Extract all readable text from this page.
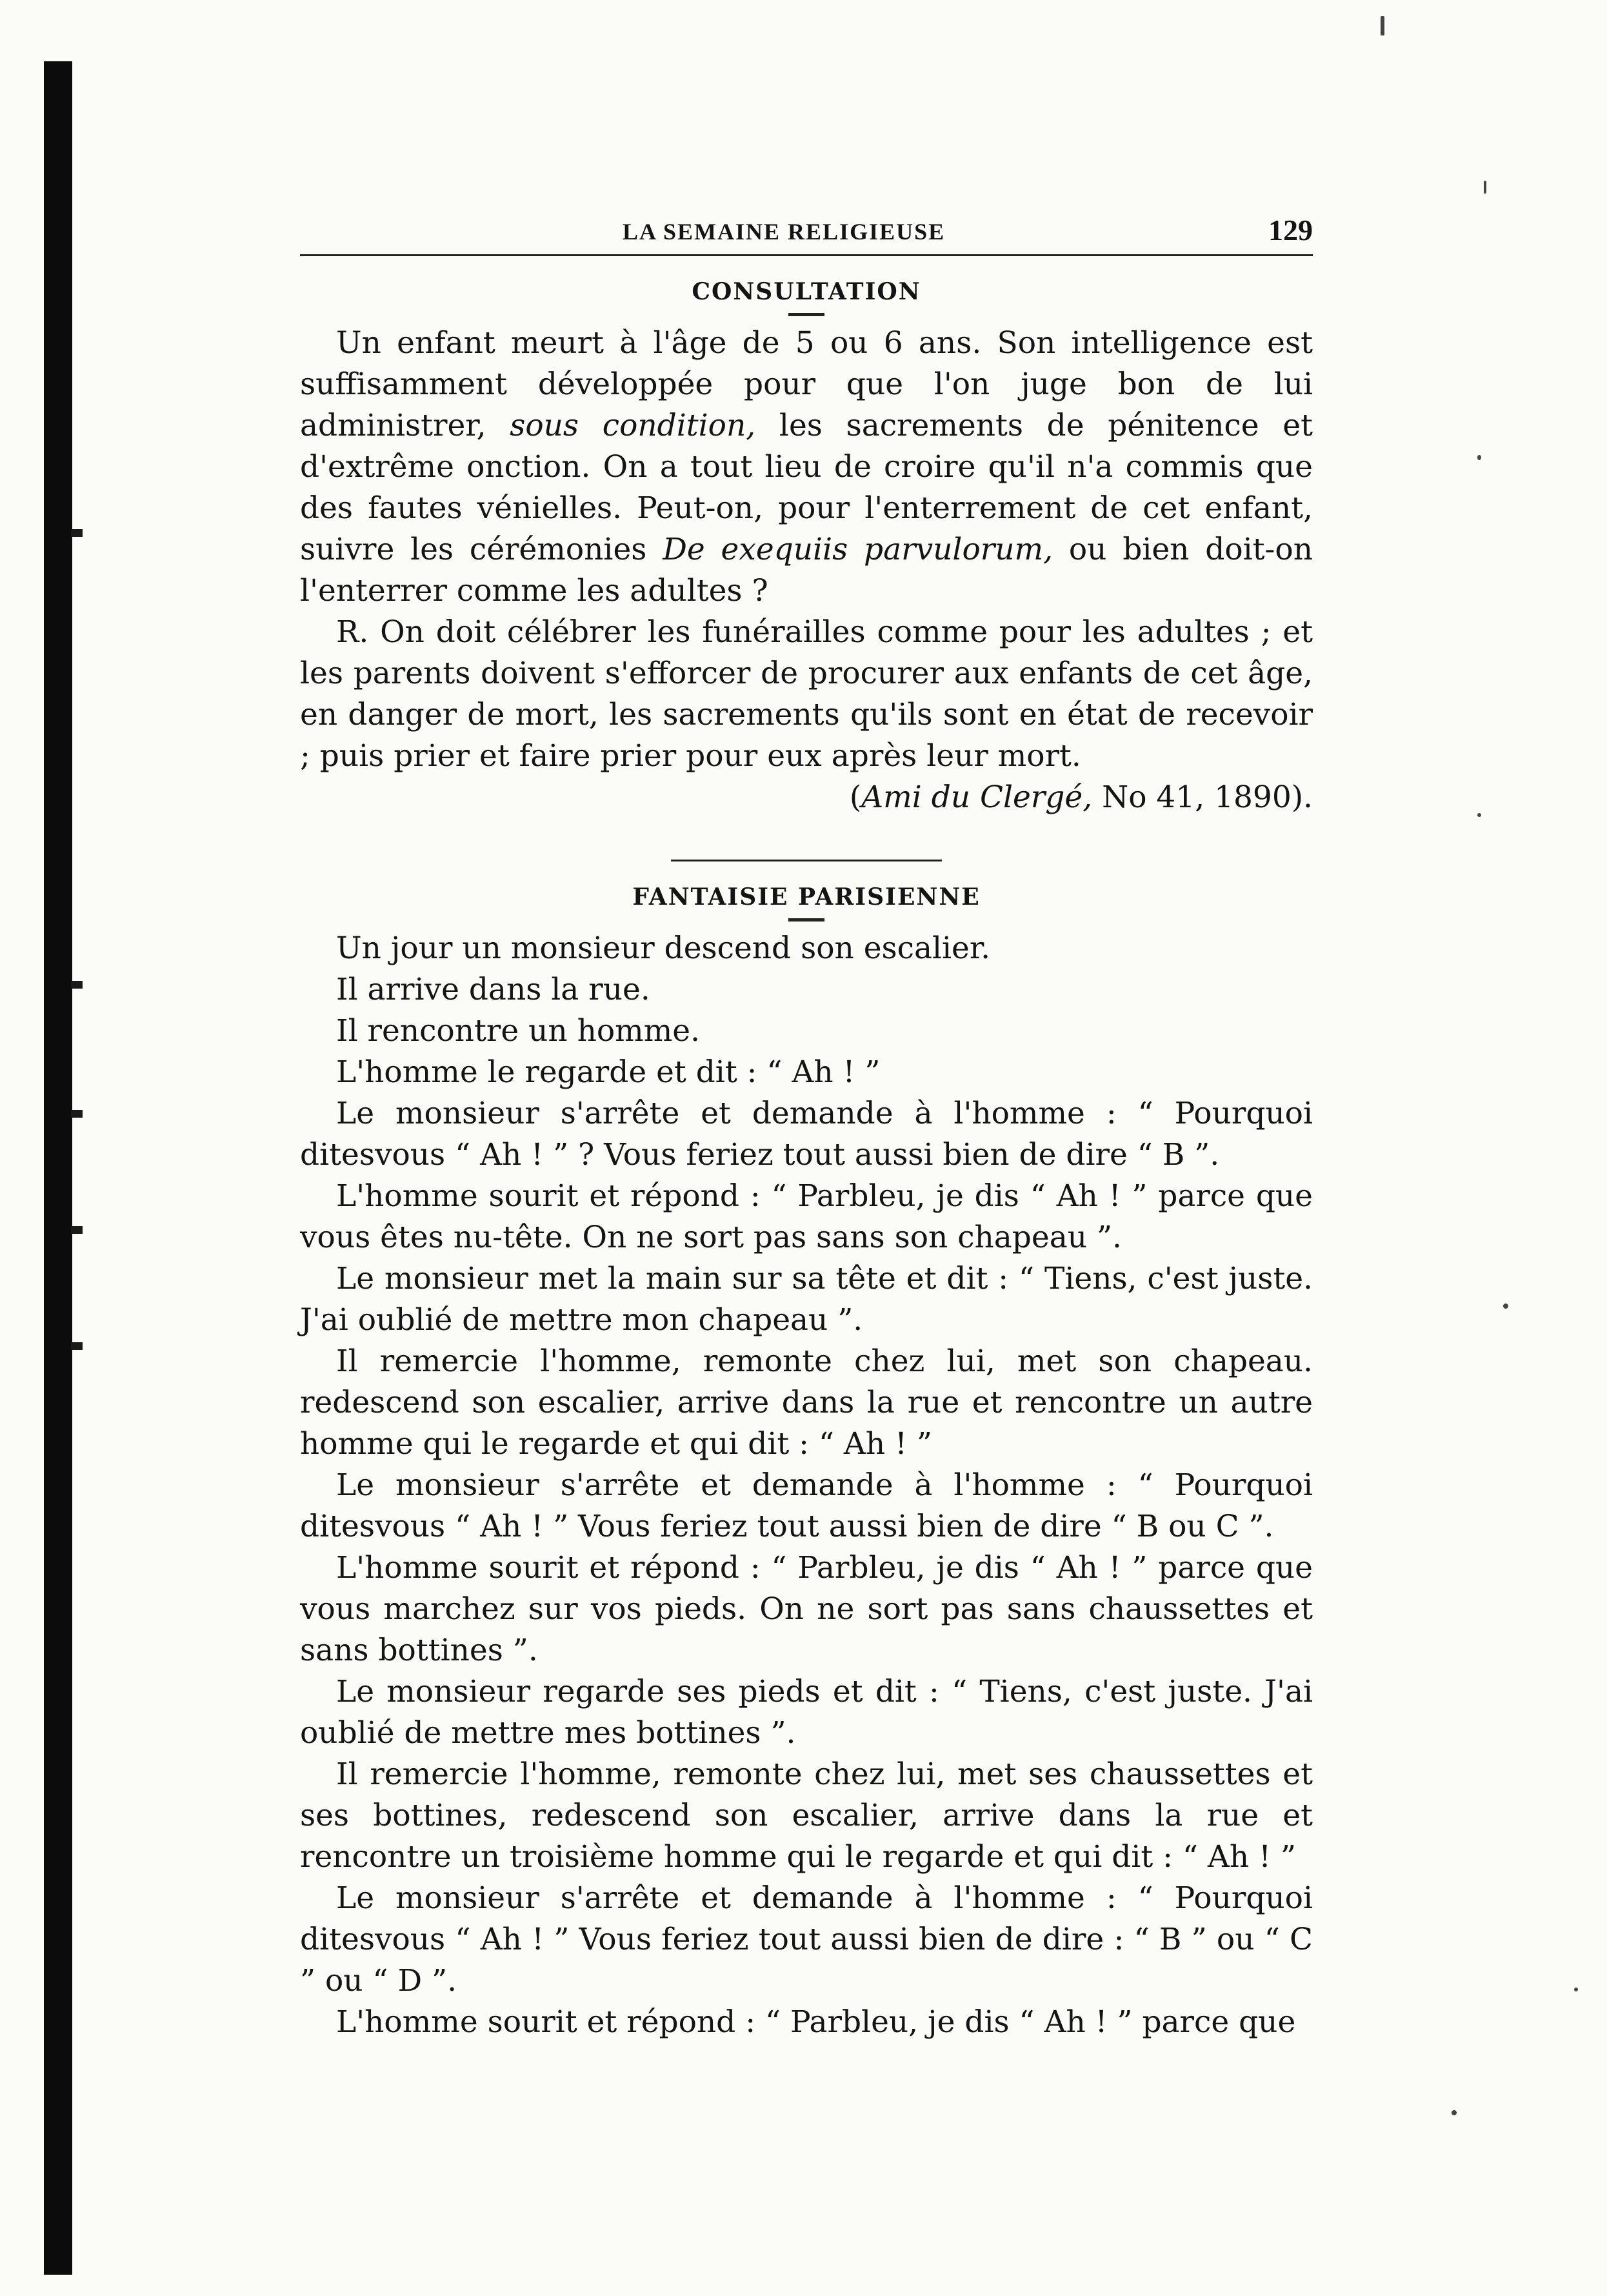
LA SEMAINE RELIGIEUSE	129
CONSULTATION

Un enfant meurt à l'âge de 5 ou 6 ans. Son intelligence est suffisamment développée pour que l'on juge bon de lui administrer, sous condition, les sacrements de pénitence et d'extrême onction. On a tout lieu de croire qu'il n'a commis que des fautes vénielles. Peut-on, pour l'enterrement de cet enfant, suivre les cérémonies De exequiis parvulorum, ou bien doit-on l'enterrer comme les adultes ?

R. On doit célébrer les funérailles comme pour les adultes ; et les parents doivent s'efforcer de procurer aux enfants de cet âge, en danger de mort, les sacrements qu'ils sont en état de recevoir ; puis prier et faire prier pour eux après leur mort.

(Ami du Clergé, No 41, 1890).

FANTAISIE PARISIENNE

Un jour un monsieur descend son escalier.

Il arrive dans la rue.

Il rencontre un homme.

L'homme le regarde et dit : “ Ah ! ”

Le monsieur s'arrête et demande à l'homme : “ Pourquoi ditesvous “ Ah ! ” ? Vous feriez tout aussi bien de dire “ B ”.

L'homme sourit et répond : “ Parbleu, je dis “ Ah ! ” parce que vous êtes nu-tête. On ne sort pas sans son chapeau ”.

Le monsieur met la main sur sa tête et dit : “ Tiens, c'est juste. J'ai oublié de mettre mon chapeau ”.

Il remercie l'homme, remonte chez lui, met son chapeau. redescend son escalier, arrive dans la rue et rencontre un autre homme qui le regarde et qui dit : “ Ah ! ”

Le monsieur s'arrête et demande à l'homme : “ Pourquoi ditesvous “ Ah ! ” Vous feriez tout aussi bien de dire “ B ou C ”.

L'homme sourit et répond : “ Parbleu, je dis “ Ah ! ” parce que vous marchez sur vos pieds. On ne sort pas sans chaussettes et sans bottines ”.

Le monsieur regarde ses pieds et dit : “ Tiens, c'est juste. J'ai oublié de mettre mes bottines ”.

Il remercie l'homme, remonte chez lui, met ses chaussettes et ses bottines, redescend son escalier, arrive dans la rue et rencontre un troisième homme qui le regarde et qui dit : “ Ah ! ”

Le monsieur s'arrête et demande à l'homme : “ Pourquoi ditesvous “ Ah ! ” Vous feriez tout aussi bien de dire : “ B ” ou “ C ” ou “ D ”.

L'homme sourit et répond : “ Parbleu, je dis “ Ah ! ” parce que
